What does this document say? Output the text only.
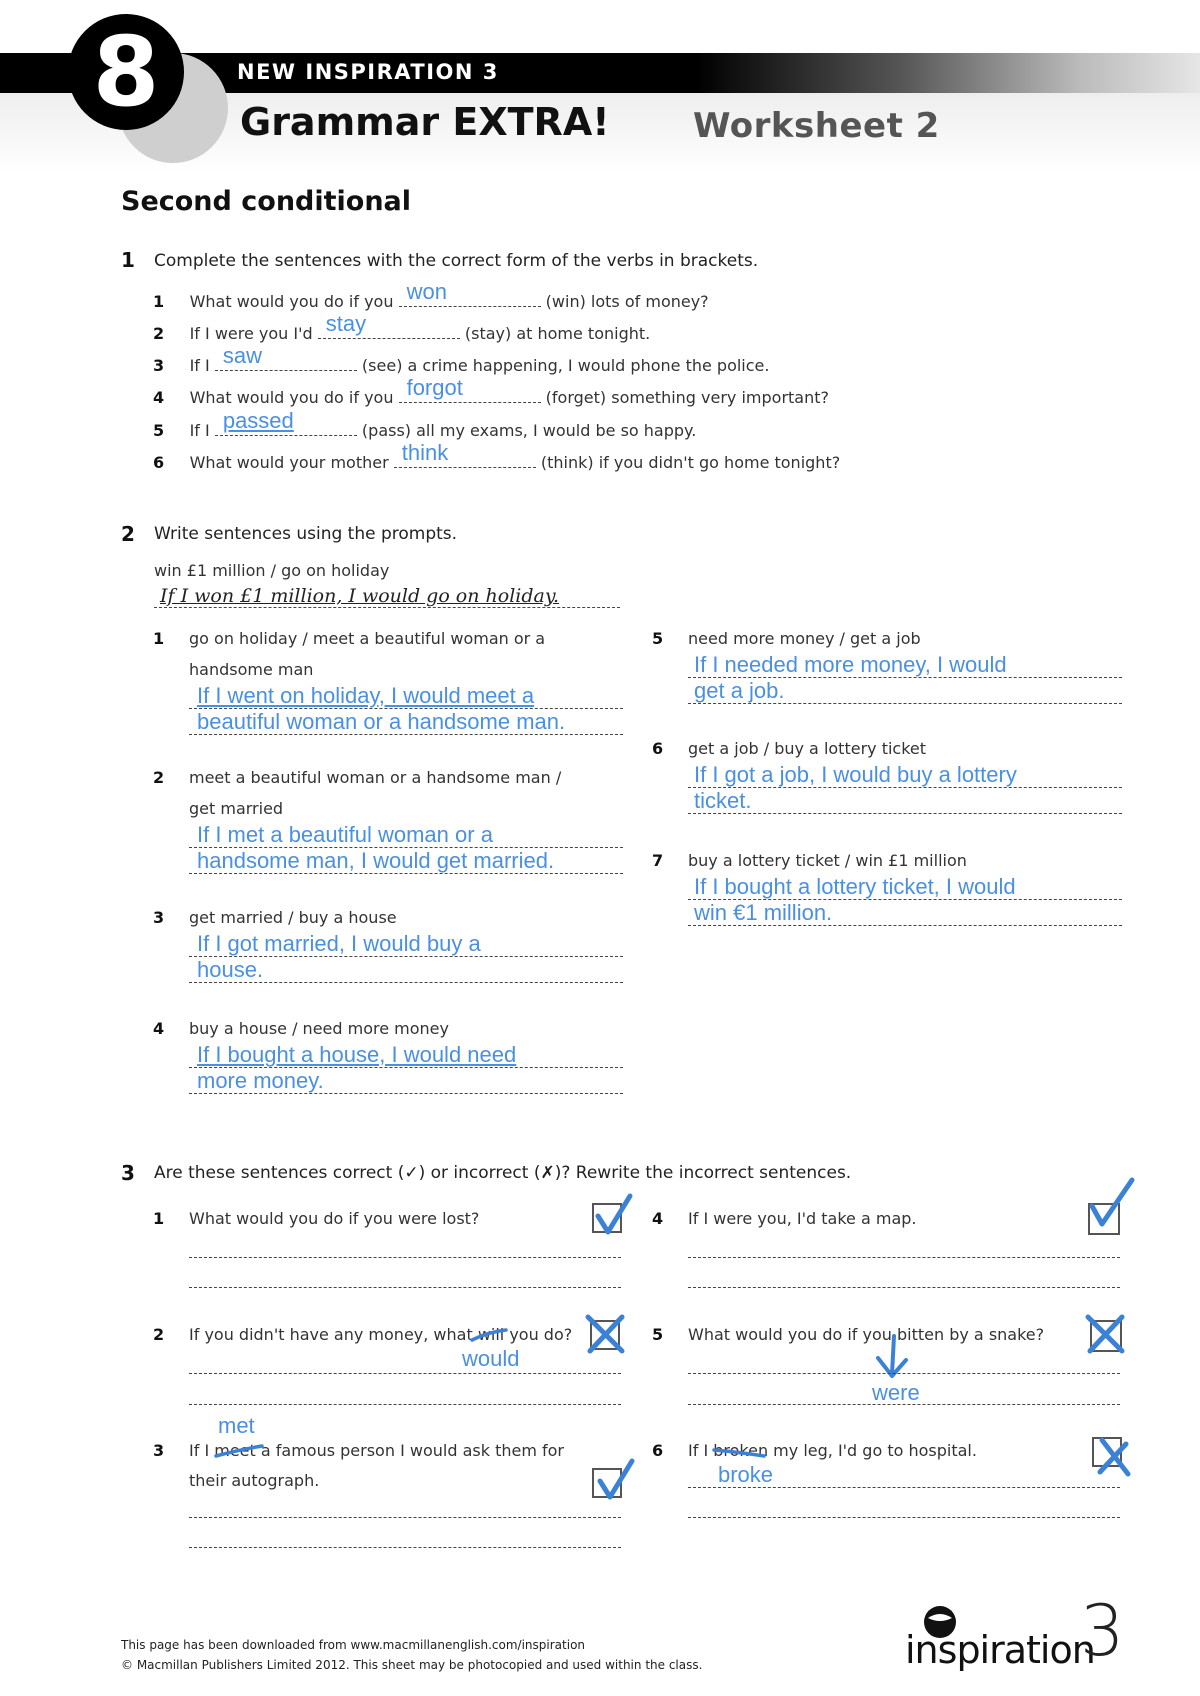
8	NEW INSPIRATION 3
Grammar EXTRA! Worksheet 2
Second conditional
1 Complete the sentences with the correct form of the verbs in brackets.
1 What would you do if you won	(win) lots of money?
2 If I were you I'd stay	(stay) at home tonight.
3 If I saw	(see) a crime happening, I would phone the police.
4 What would you do if you forgot	(forget) something very important?
5 If I passed	(pass) all my exams, I would be so happy.
6 What would your mother think	(think) if you didn't go home tonight?
2 Write sentences using the prompts.
win £1 million / go on holiday
If I won £1 million, I would go on holiday.
1 go on holiday / meet a beautiful woman or a
handsome man
If I went on holiday, I would meet a
beautiful woman or a handsome man.
2 meet a beautiful woman or a handsome man /
get married
If I met a beautiful woman or a
handsome man, I would get married.
3 get married / buy a house
If I got married, I would buy a
house.
4 buy a house / need more money
If I bought a house, I would need
more money.
5 need more money / get a job
If I needed more money, I would
get a job.
6 get a job / buy a lottery ticket
If I got a job, I would buy a lottery
ticket.
7 buy a lottery ticket / win £1 million
If I bought a lottery ticket, I would
win €1 million.
3 Are these sentences correct (✓) or incorrect (✗)? Rewrite the incorrect sentences.
1 What would you do if you were lost?
2 If you didn't have any money, what will you do?
would
met
3 If I meet a famous person I would ask them for
their autograph.
4 If I were you, I'd take a map.
5 What would you do if you bitten by a snake?
were
6 If I broken my leg, I'd go to hospital.
broke
This page has been downloaded from www.macmillanenglish.com/inspiration
© Macmillan Publishers Limited 2012. This sheet may be photocopied and used within the class.	inspiration
3
